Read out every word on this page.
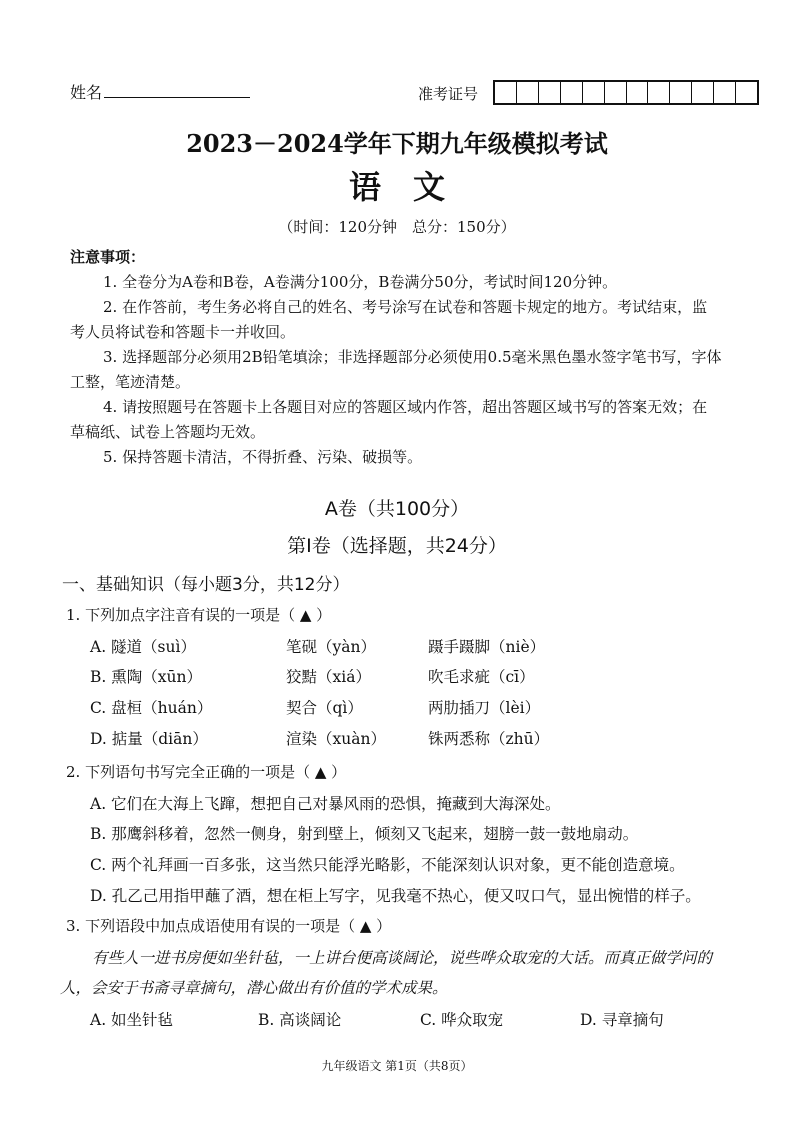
姓名	准考证号
2023－2024学年下期九年级模拟考试
语　文
（时间：120分钟　总分：150分）
注意事项：
1. 全卷分为A卷和B卷，A卷满分100分，B卷满分50分，考试时间120分钟。
2. 在作答前，考生务必将自己的姓名、考号涂写在试卷和答题卡规定的地方。考试结束，监
考人员将试卷和答题卡一并收回。
3. 选择题部分必须用2B铅笔填涂；非选择题部分必须使用0.5毫米黑色墨水签字笔书写，字体
工整，笔迹清楚。
4. 请按照题号在答题卡上各题目对应的答题区域内作答，超出答题区域书写的答案无效；在
草稿纸、试卷上答题均无效。
5. 保持答题卡清洁，不得折叠、污染、破损等。
A卷（共100分）
第Ⅰ卷（选择题，共24分）
一、基础知识（每小题3分，共12分）
1. 下列加点字注音有误的一项是（ ▲ ）
A. 隧道（suì）	笔砚（yàn）	蹑手蹑脚（niè）
B. 熏陶（xūn）	狡黠（xiá）	吹毛求疵（cī）
C. 盘桓（huán）	契合（qì）	两肋插刀（lèi）
D. 掂量（diān）	渲染（xuàn）	铢两悉称（zhū）
2. 下列语句书写完全正确的一项是（ ▲ ）
A. 它们在大海上飞蹿，想把自己对暴风雨的恐惧，掩藏到大海深处。
B. 那鹰斜移着，忽然一侧身，射到壁上，倾刻又飞起来，翅膀一鼓一鼓地扇动。
C. 两个礼拜画一百多张，这当然只能浮光略影，不能深刻认识对象，更不能创造意境。
D. 孔乙己用指甲蘸了酒，想在柜上写字，见我毫不热心，便又叹口气，显出惋惜的样子。
3. 下列语段中加点成语使用有误的一项是（ ▲ ）
有些人一进书房便如坐针毡，一上讲台便高谈阔论，说些哗众取宠的大话。而真正做学问的
人，会安于书斋寻章摘句，潜心做出有价值的学术成果。
A. 如坐针毡	B. 高谈阔论	C. 哗众取宠	D. 寻章摘句
九年级语文 第1页（共8页）
